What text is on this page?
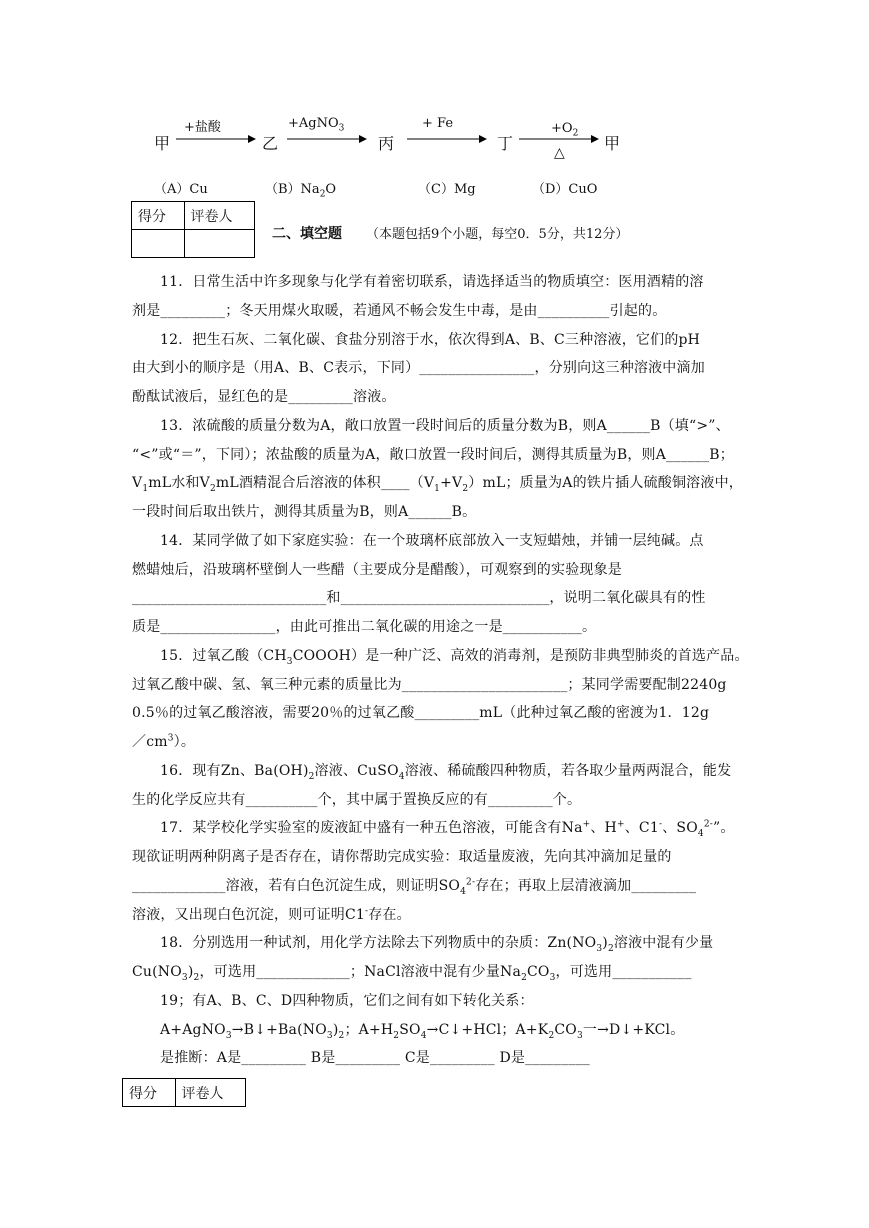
甲
+盐酸
乙
+AgNO$_3$
丙
+ Fe
丁
$+O_2$
△ 甲
（A）Cu	$(B)Na_2O$	（C）Mg	（D）CuO
得分	评卷人

二、填空题 （本题包括9个小题，每空0．5分，共12分）
11．日常生活中许多现象与化学有着密切联系，请选择适当的物质填空：医用酒精的溶
剂是_________；冬天用煤火取暖，若通风不畅会发生中毒，是由__________引起的。
12．把生石灰、二氧化碳、食盐分别溶于水，依次得到A、B、C三种溶液，它们的pH
由大到小的顺序是（用A、B、C表示，下同）________________，分别向这三种溶液中滴加
酚酞试液后，显红色的是_________溶液。
13．浓硫酸的质量分数为A，敞口放置一段时间后的质量分数为B，则A______B（填“>”、
“<”或“＝”，下同）；浓盐酸的质量为A，敞口放置一段时间后，测得其质量为B，则A______B；
$V_1mL$水和$V_2mL$酒精混合后溶液的体积$\_\_\_\_(V_1+V_2)mL$；质量为A的铁片插人硫酸铜溶液中，
一段时间后取出铁片，测得其质量为B，则A______B。
14．某同学做了如下家庭实验：在一个玻璃杯底部放入一支短蜡烛，并铺一层纯碱。点
燃蜡烛后，沿玻璃杯壁倒人一些醋（主要成分是醋酸），可观察到的实验现象是
___________________________和_____________________________，说明二氧化碳具有的性
质是________________，由此可推出二氧化碳的用途之一是___________。
15．过氧乙酸$(CH_3COOOH)$是一种广泛、高效的消毒剂，是预防非典型肺炎的首选产品。
过氧乙酸中碳、氢、氧三种元素的质量比为_______________________；某同学需要配制2240g
0.5％的过氧乙酸溶液，需要20％的过氧乙酸_________mL（此种过氧乙酸的密渡为1．12g
$/cm^3$）。
16．现有Zn、$Ba(OH)_2$溶液、CuSO$_4$溶液、稀硫酸四种物质，若各取少量两两混合，能发
生的化学反应共有__________个，其中属于置换反应的有_________个。
17．某学校化学实验室的废液缸中盛有一种五色溶液，可能含有Na+、H+、C1-、$SO_4^{2-}$”。
现欲证明两种阴离子是否存在，请你帮助完成实验：取适量废液，先向其冲滴加足量的
_____________溶液，若有白色沉淀生成，则证明$SO_4^{2-}$存在；再取上层清液滴加_________
溶液，又出现白色沉淀，则可证明C1-存在。
18．分别选用一种试剂，用化学方法除去下列物质中的杂质：$Zn(NO_3)_2$溶液中混有少量
$Cu(NO_3)_2$，可选用_____________；NaCl溶液中混有少量$Na_2CO_3$，可选用___________
19；有A、B、C、D四种物质，它们之间有如下转化关系：
$A+AgNO_3\to B↓+Ba(NO_3)_2$；$A+H_2SO_4\to C↓+HCl$；$A+K_2CO_3$一→D↓+KCl。
是推断：A是_________ B是_________ C是_________ D是_________
得分	评卷人
